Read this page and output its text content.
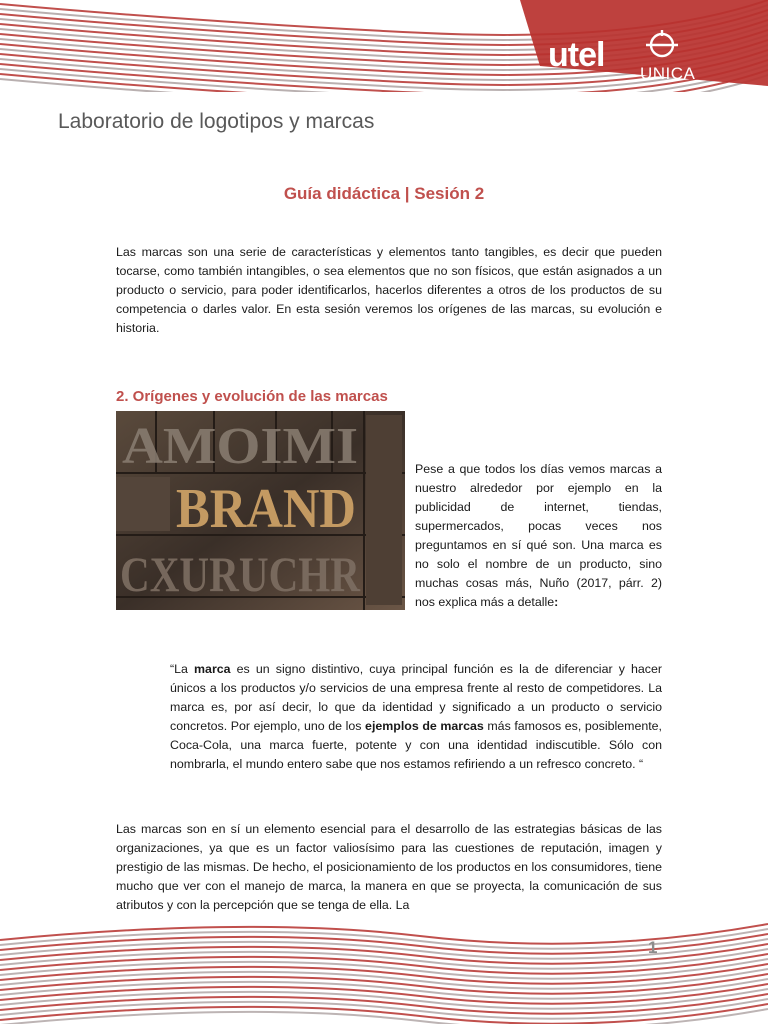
utel UNICA
Laboratorio de logotipos y marcas
Guía didáctica | Sesión 2

Las marcas son una serie de características y elementos tanto tangibles, es decir que pueden tocarse, como también intangibles, o sea elementos que no son físicos, que están asignados a un producto o servicio, para poder identificarlos, hacerlos diferentes a otros de los productos de su competencia o darles valor. En esta sesión veremos los orígenes de las marcas, su evolución e historia.

2. Orígenes y evolución de las marcas
AMOIMI
BRAND
CXURUCHR

Pese a que todos los días vemos marcas a nuestro alrededor por ejemplo en la publicidad de internet, tiendas, supermercados, pocas veces nos preguntamos en sí qué son. Una marca es no solo el nombre de un producto, sino muchas cosas más, Nuño (2017, párr. 2) nos explica más a detalle:

“La marca es un signo distintivo, cuya principal función es la de diferenciar y hacer únicos a los productos y/o servicios de una empresa frente al resto de competidores. La marca es, por así decir, lo que da identidad y significado a un producto o servicio concretos. Por ejemplo, uno de los ejemplos de marcas más famosos es, posiblemente, Coca-Cola, una marca fuerte, potente y con una identidad indiscutible. Sólo con nombrarla, el mundo entero sabe que nos estamos refiriendo a un refresco concreto. “

Las marcas son en sí un elemento esencial para el desarrollo de las estrategias básicas de las organizaciones, ya que es un factor valiosísimo para las cuestiones de reputación, imagen y prestigio de las mismas. De hecho, el posicionamiento de los productos en los consumidores, tiene mucho que ver con el manejo de marca, la manera en que se proyecta, la comunicación de sus atributos y con la percepción que se tenga de ella. La

1
